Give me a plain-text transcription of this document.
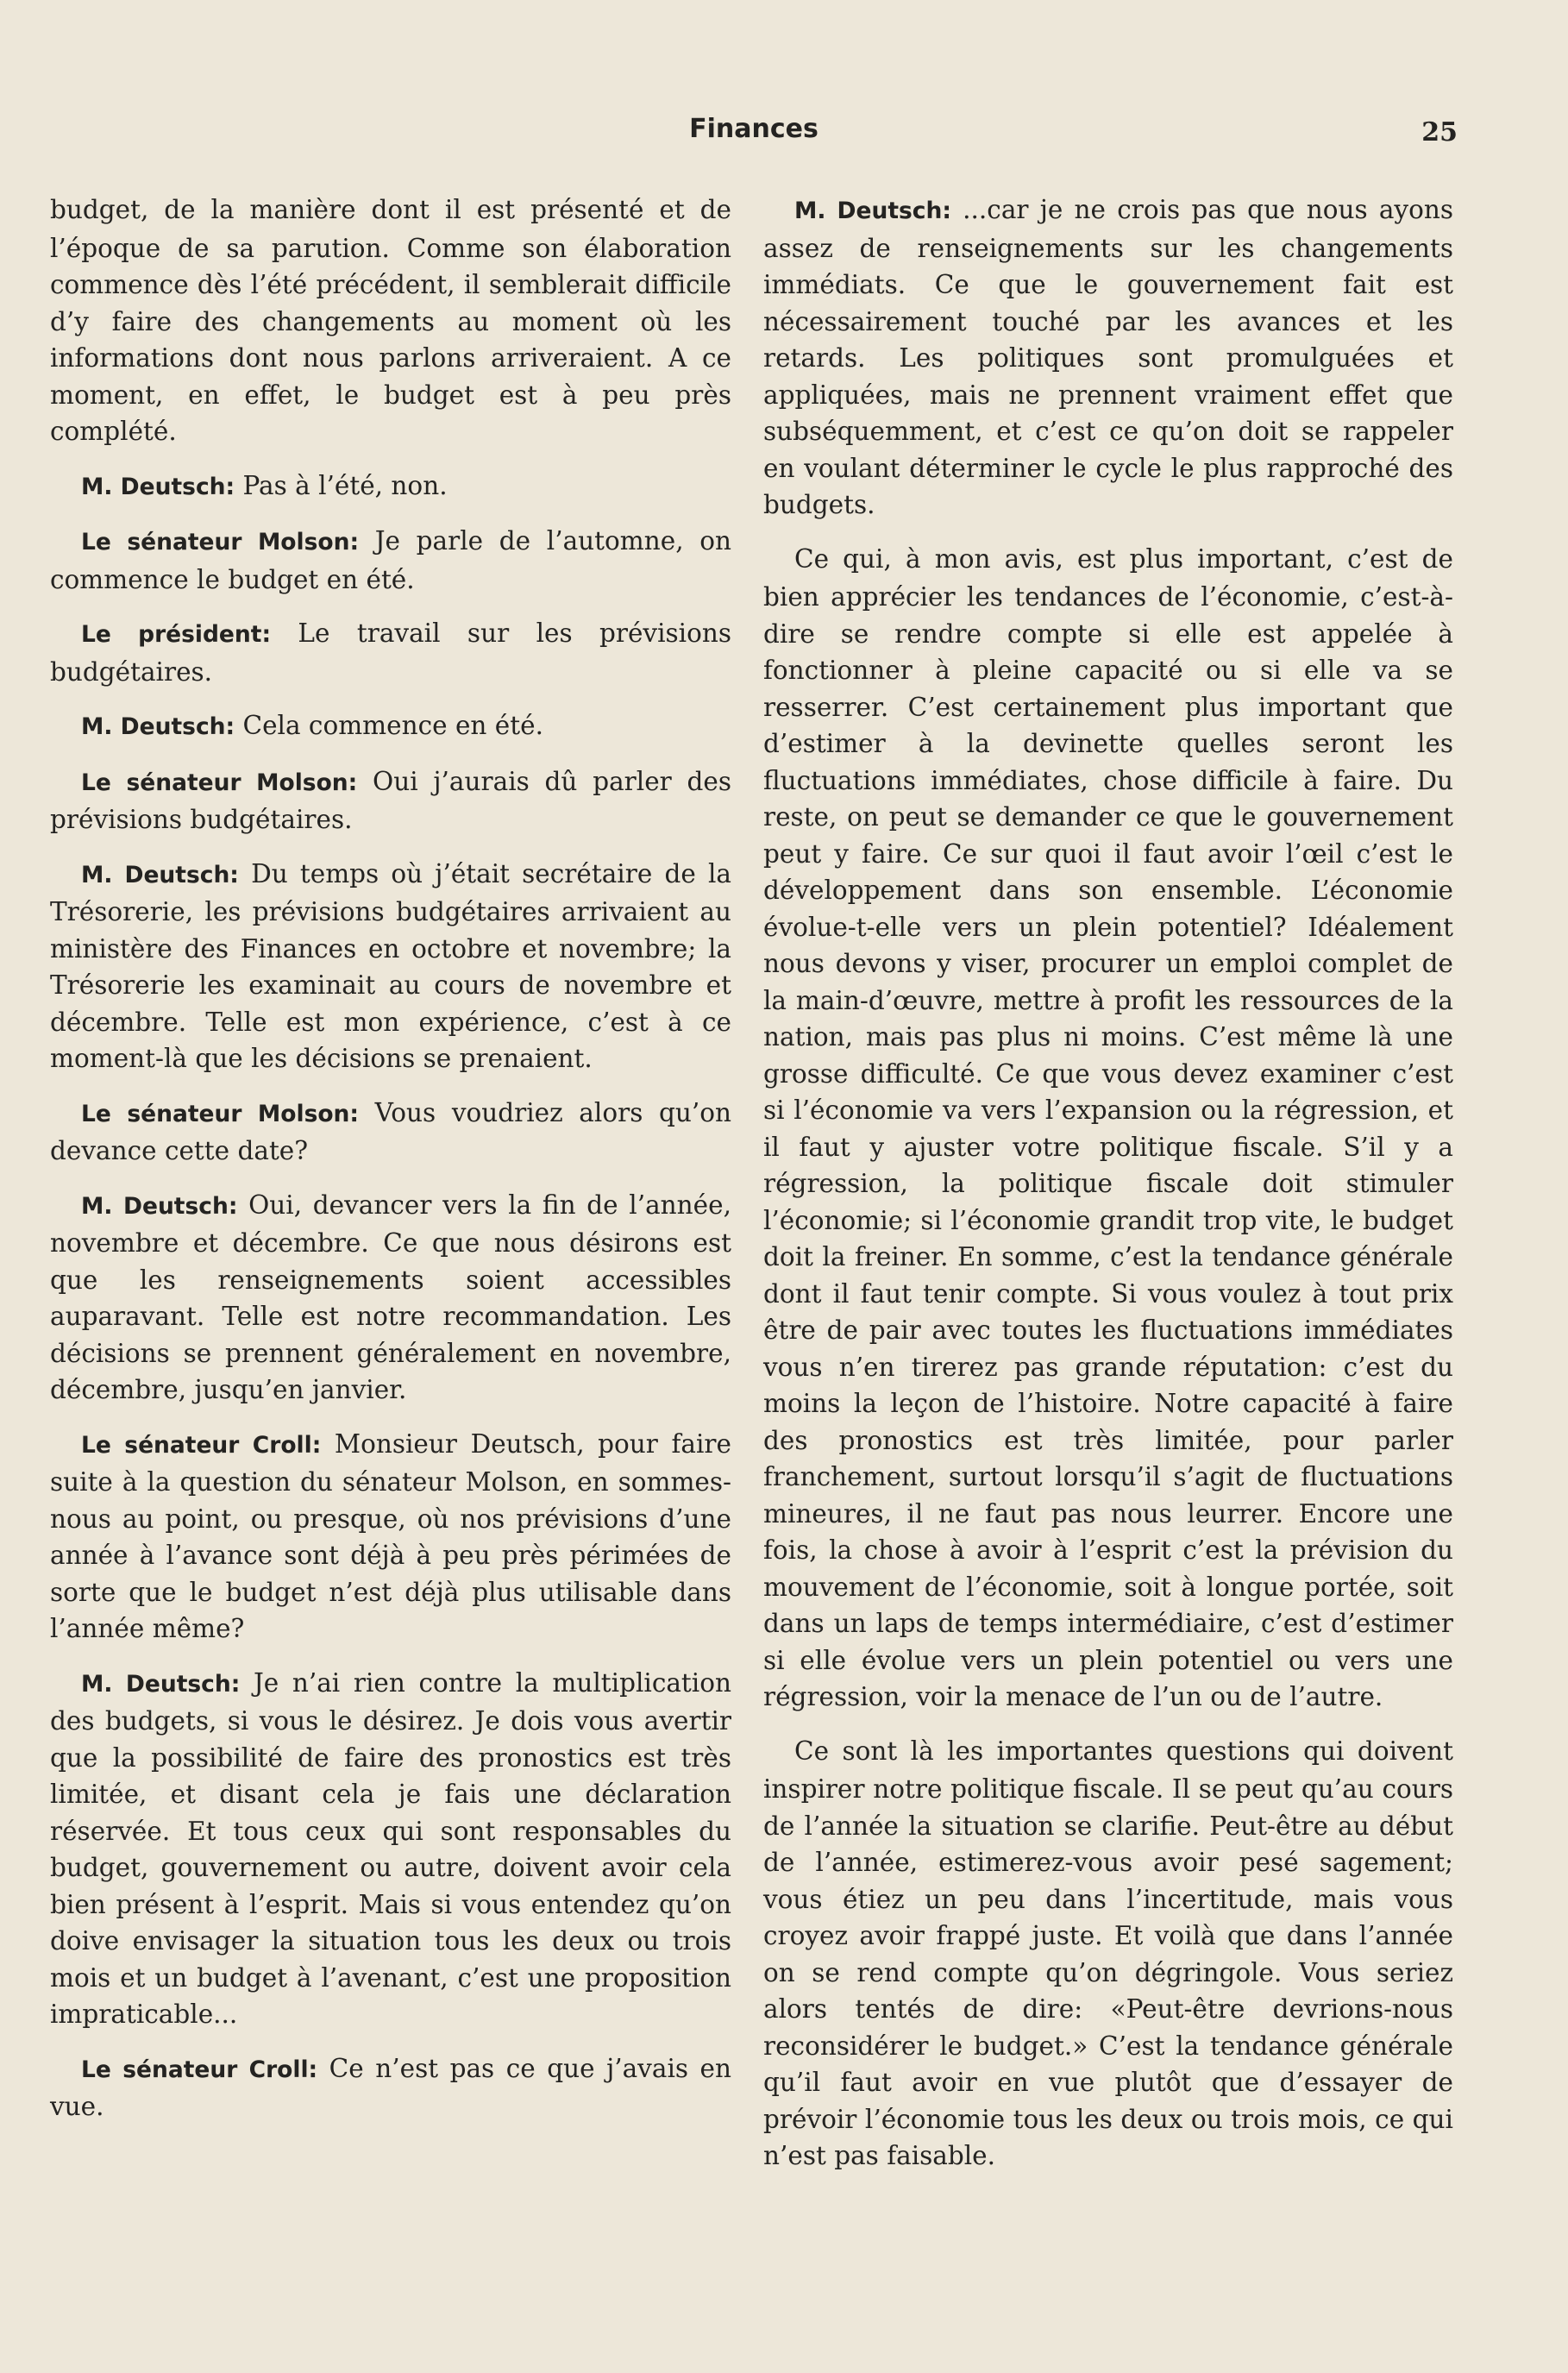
Finances	25

budget, de la manière dont il est présenté et de l’époque de sa parution. Comme son élaboration commence dès l’été précédent, il semblerait difficile d’y faire des changements au moment où les informations dont nous parlons arriveraient. A ce moment, en effet, le budget est à peu près complété.

M. Deutsch: Pas à l’été, non.

Le sénateur Molson: Je parle de l’automne, on commence le budget en été.

Le président: Le travail sur les prévisions budgétaires.

M. Deutsch: Cela commence en été.

Le sénateur Molson: Oui j’aurais dû parler des prévisions budgétaires.

M. Deutsch: Du temps où j’était secrétaire de la Trésorerie, les prévisions budgétaires arrivaient au ministère des Finances en octobre et novembre; la Trésorerie les examinait au cours de novembre et décembre. Telle est mon expérience, c’est à ce moment-là que les décisions se prenaient.

Le sénateur Molson: Vous voudriez alors qu’on devance cette date?

M. Deutsch: Oui, devancer vers la fin de l’année, novembre et décembre. Ce que nous désirons est que les renseignements soient accessibles auparavant. Telle est notre recommandation. Les décisions se prennent généralement en novembre, décembre, jusqu’en janvier.

Le sénateur Croll: Monsieur Deutsch, pour faire suite à la question du sénateur Molson, en sommes-nous au point, ou presque, où nos prévisions d’une année à l’avance sont déjà à peu près périmées de sorte que le budget n’est déjà plus utilisable dans l’année même?

M. Deutsch: Je n’ai rien contre la multiplication des budgets, si vous le désirez. Je dois vous avertir que la possibilité de faire des pronostics est très limitée, et disant cela je fais une déclaration réservée. Et tous ceux qui sont responsables du budget, gouvernement ou autre, doivent avoir cela bien présent à l’esprit. Mais si vous entendez qu’on doive envisager la situation tous les deux ou trois mois et un budget à l’avenant, c’est une proposition impraticable...

Le sénateur Croll: Ce n’est pas ce que j’avais en vue.

M. Deutsch: ...car je ne crois pas que nous ayons assez de renseignements sur les changements immédiats. Ce que le gouvernement fait est nécessairement touché par les avances et les retards. Les politiques sont promulguées et appliquées, mais ne prennent vraiment effet que subséquemment, et c’est ce qu’on doit se rappeler en voulant déterminer le cycle le plus rapproché des budgets.

Ce qui, à mon avis, est plus important, c’est de bien apprécier les tendances de l’économie, c’est-à-dire se rendre compte si elle est appelée à fonctionner à pleine capacité ou si elle va se resserrer. C’est certainement plus important que d’estimer à la devinette quelles seront les fluctuations immédiates, chose difficile à faire. Du reste, on peut se demander ce que le gouvernement peut y faire. Ce sur quoi il faut avoir l’œil c’est le développement dans son ensemble. L’économie évolue-t-elle vers un plein potentiel? Idéalement nous devons y viser, procurer un emploi complet de la main-d’œuvre, mettre à profit les ressources de la nation, mais pas plus ni moins. C’est même là une grosse difficulté. Ce que vous devez examiner c’est si l’économie va vers l’expansion ou la régression, et il faut y ajuster votre politique fiscale. S’il y a régression, la politique fiscale doit stimuler l’économie; si l’économie grandit trop vite, le budget doit la freiner. En somme, c’est la tendance générale dont il faut tenir compte. Si vous voulez à tout prix être de pair avec toutes les fluctuations immédiates vous n’en tirerez pas grande réputation: c’est du moins la leçon de l’histoire. Notre capacité à faire des pronostics est très limitée, pour parler franchement, surtout lorsqu’il s’agit de fluctuations mineures, il ne faut pas nous leurrer. Encore une fois, la chose à avoir à l’esprit c’est la prévision du mouvement de l’économie, soit à longue portée, soit dans un laps de temps intermédiaire, c’est d’estimer si elle évolue vers un plein potentiel ou vers une régression, voir la menace de l’un ou de l’autre.

Ce sont là les importantes questions qui doivent inspirer notre politique fiscale. Il se peut qu’au cours de l’année la situation se clarifie. Peut-être au début de l’année, estimerez-vous avoir pesé sagement; vous étiez un peu dans l’incertitude, mais vous croyez avoir frappé juste. Et voilà que dans l’année on se rend compte qu’on dégringole. Vous seriez alors tentés de dire: «Peut-être devrions-nous reconsidérer le budget.» C’est la tendance générale qu’il faut avoir en vue plutôt que d’essayer de prévoir l’économie tous les deux ou trois mois, ce qui n’est pas faisable.
